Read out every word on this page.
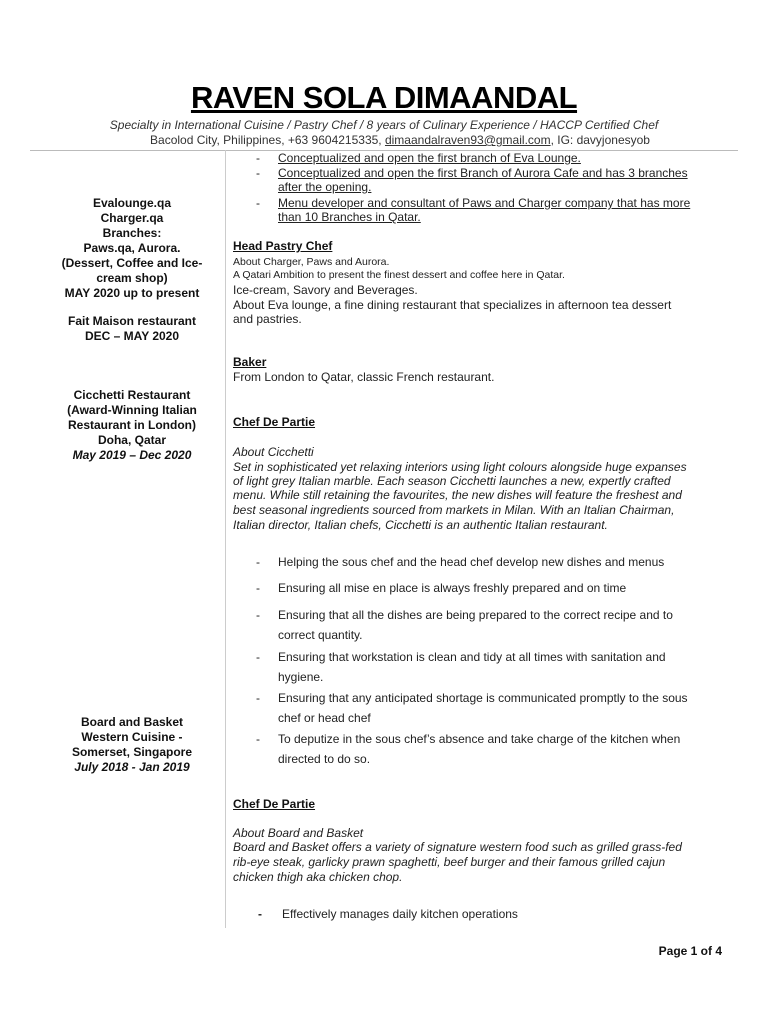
RAVEN SOLA DIMAANDAL
Specialty in International Cuisine / Pastry Chef / 8 years of Culinary Experience / HACCP Certified Chef
Bacolod City, Philippines, +63 9604215335, dimaandalraven93@gmail.com, IG: davyjonesyob
Evalounge.qa
Charger.qa
Branches:
Paws.qa, Aurora.
(Dessert, Coffee and Ice-
cream shop)
MAY 2020 up to present
Fait Maison restaurant
DEC – MAY 2020
Cicchetti Restaurant
(Award-Winning Italian
Restaurant in London)
Doha, Qatar
May 2019 – Dec 2020
Board and Basket
Western Cuisine -
Somerset, Singapore
July 2018 - Jan 2019
- Conceptualized and open the first branch of Eva Lounge.
- Conceptualized and open the first Branch of Aurora Cafe and has 3 branches
after the opening.
- Menu developer and consultant of Paws and Charger company that has more
than 10 Branches in Qatar.
Head Pastry Chef
About Charger, Paws and Aurora.
A Qatari Ambition to present the finest dessert and coffee here in Qatar.
Ice-cream, Savory and Beverages.
About Eva lounge, a fine dining restaurant that specializes in afternoon tea dessert
and pastries.
Baker
From London to Qatar, classic French restaurant.
Chef De Partie
About Cicchetti
Set in sophisticated yet relaxing interiors using light colours alongside huge expanses
of light grey Italian marble. Each season Cicchetti launches a new, expertly crafted
menu. While still retaining the favourites, the new dishes will feature the freshest and
best seasonal ingredients sourced from markets in Milan. With an Italian Chairman,
Italian director, Italian chefs, Cicchetti is an authentic Italian restaurant.
- Helping the sous chef and the head chef develop new dishes and menus
- Ensuring all mise en place is always freshly prepared and on time
- Ensuring that all the dishes are being prepared to the correct recipe and to
correct quantity.
- Ensuring that workstation is clean and tidy at all times with sanitation and
hygiene.
- Ensuring that any anticipated shortage is communicated promptly to the sous
chef or head chef
- To deputize in the sous chef’s absence and take charge of the kitchen when
directed to do so.
Chef De Partie
About Board and Basket
Board and Basket offers a variety of signature western food such as grilled grass-fed
rib-eye steak, garlicky prawn spaghetti, beef burger and their famous grilled cajun
chicken thigh aka chicken chop.
- Effectively manages daily kitchen operations
Page 1 of 4
